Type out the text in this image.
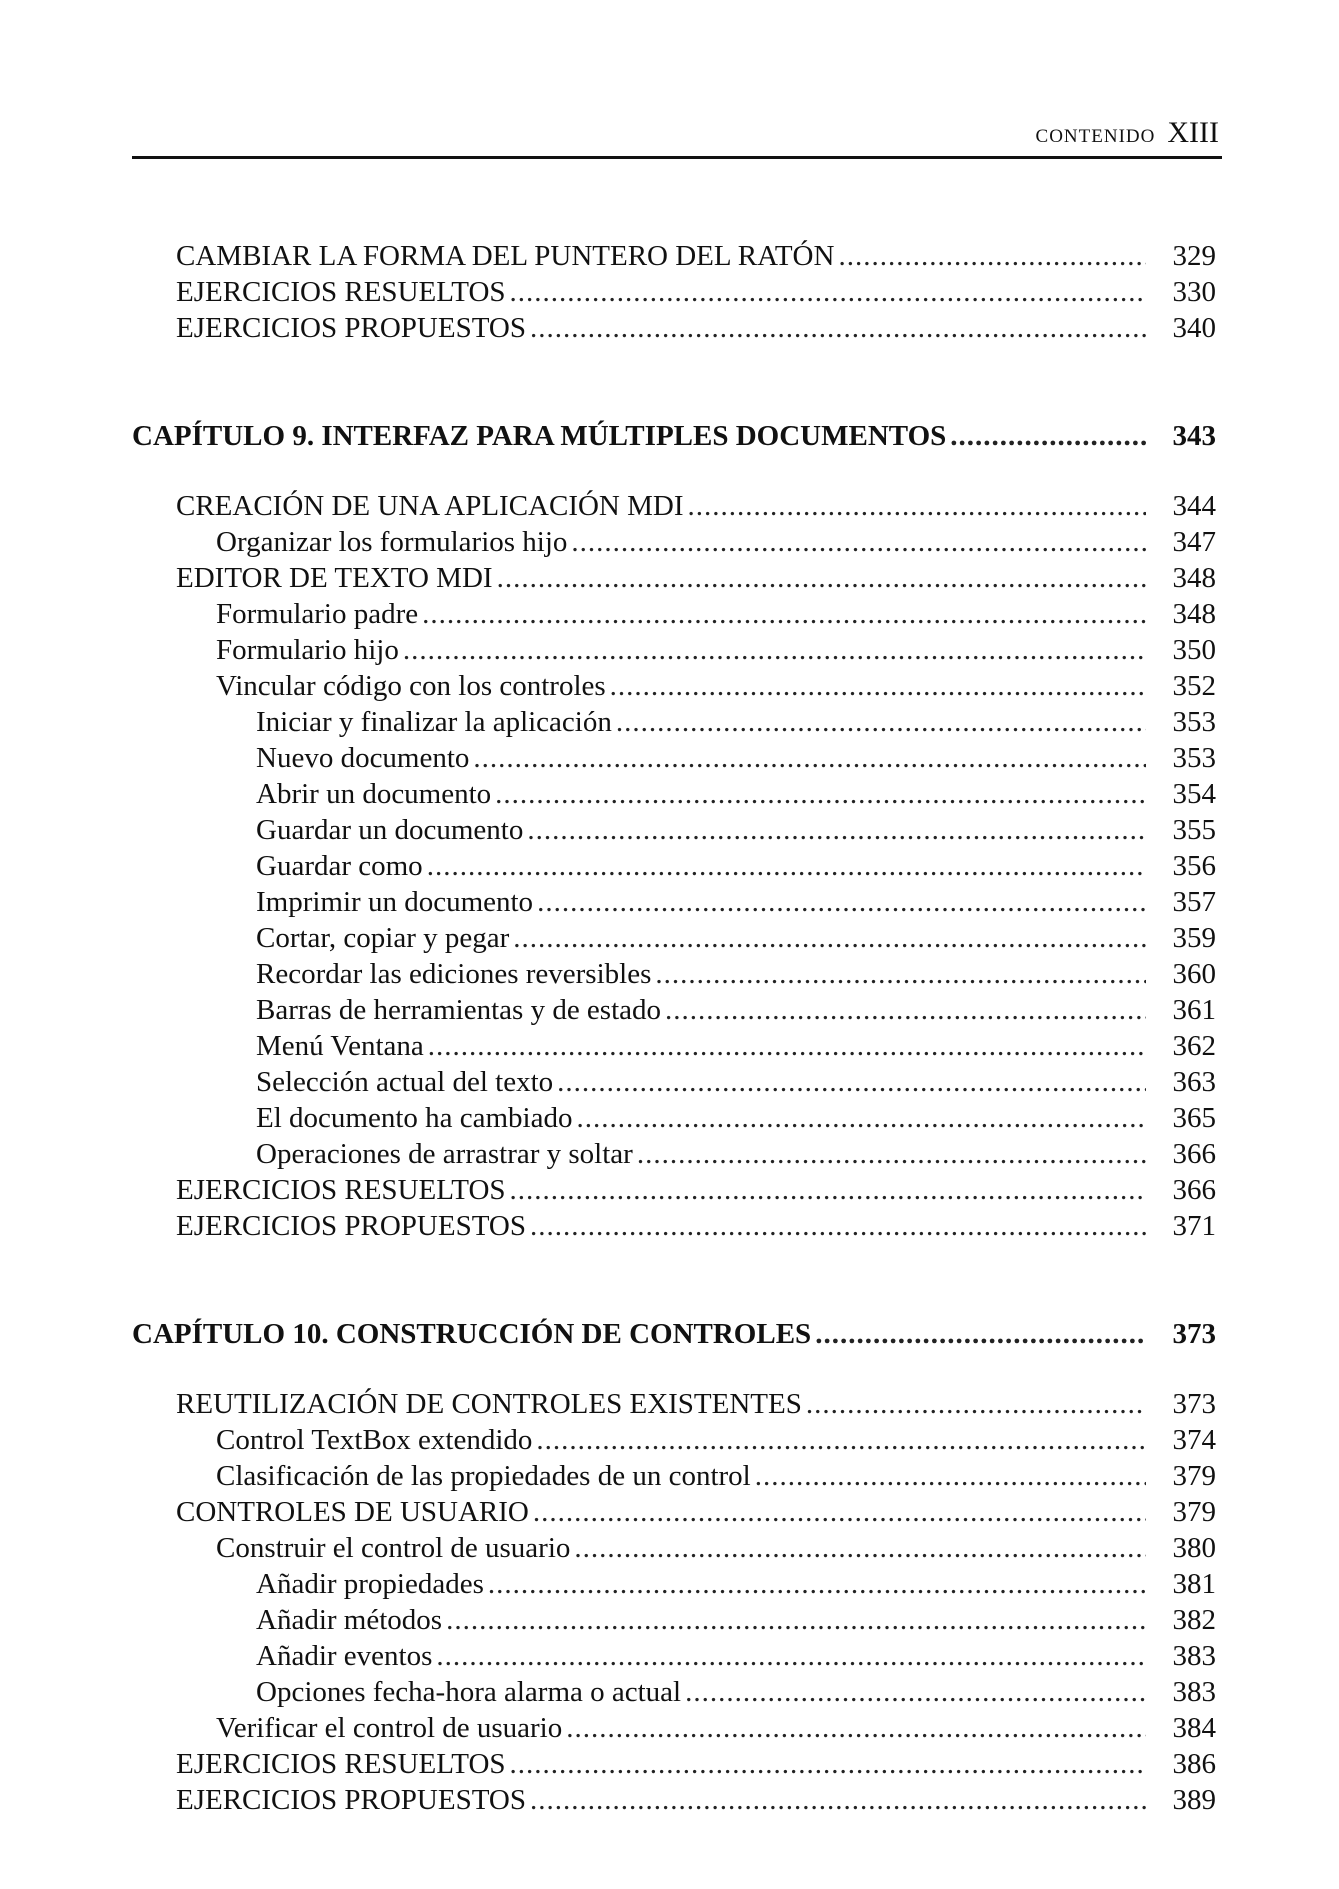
CONTENIDO XIII
CAMBIAR LA FORMA DEL PUNTERO DEL RATÓN .....	329
EJERCICIOS RESUELTOS .....	330
EJERCICIOS PROPUESTOS .....	340
CAPÍTULO 9. INTERFAZ PARA MÚLTIPLES DOCUMENTOS .....	343
CREACIÓN DE UNA APLICACIÓN MDI .....	344
Organizar los formularios hijo .....	347
EDITOR DE TEXTO MDI .....	348
Formulario padre .....	348
Formulario hijo .....	350
Vincular código con los controles .....	352
Iniciar y finalizar la aplicación .....	353
Nuevo documento .....	353
Abrir un documento .....	354
Guardar un documento .....	355
Guardar como .....	356
Imprimir un documento .....	357
Cortar, copiar y pegar .....	359
Recordar las ediciones reversibles .....	360
Barras de herramientas y de estado .....	361
Menú Ventana .....	362
Selección actual del texto .....	363
El documento ha cambiado .....	365
Operaciones de arrastrar y soltar .....	366
EJERCICIOS RESUELTOS .....	366
EJERCICIOS PROPUESTOS .....	371
CAPÍTULO 10. CONSTRUCCIÓN DE CONTROLES .....	373
REUTILIZACIÓN DE CONTROLES EXISTENTES .....	373
Control TextBox extendido .....	374
Clasificación de las propiedades de un control .....	379
CONTROLES DE USUARIO .....	379
Construir el control de usuario .....	380
Añadir propiedades .....	381
Añadir métodos .....	382
Añadir eventos .....	383
Opciones fecha-hora alarma o actual .....	383
Verificar el control de usuario .....	384
EJERCICIOS RESUELTOS .....	386
EJERCICIOS PROPUESTOS .....	389
